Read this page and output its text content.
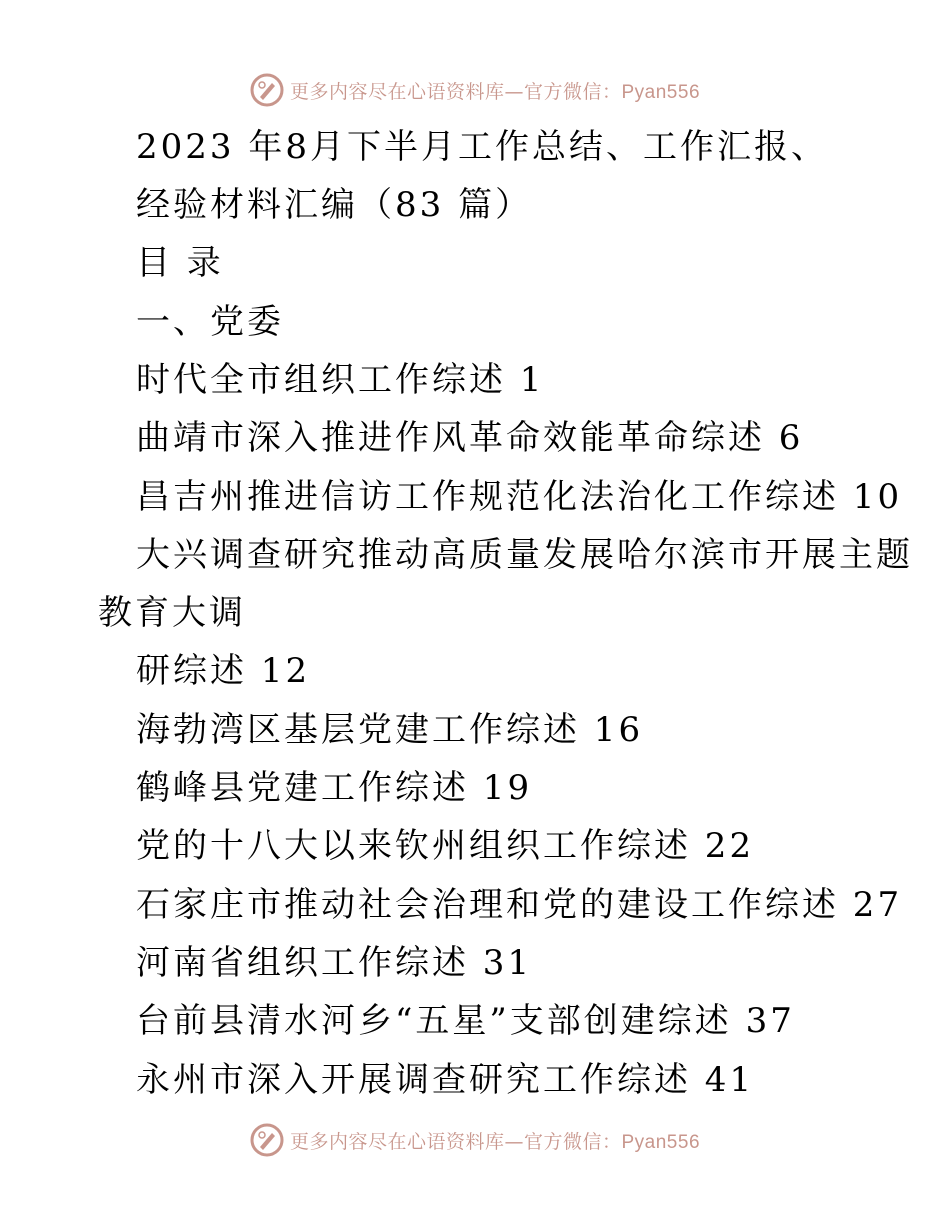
更多内容尽在心语资料库—官方微信：Pyan556
2023 年8月下半月工作总结、工作汇报、
经验材料汇编（83 篇）
目 录
一、党委
时代全市组织工作综述 1
曲靖市深入推进作风革命效能革命综述 6
昌吉州推进信访工作规范化法治化工作综述 10
大兴调查研究推动高质量发展哈尔滨市开展主题
教育大调
研综述 12
海勃湾区基层党建工作综述 16
鹤峰县党建工作综述 19
党的十八大以来钦州组织工作综述 22
石家庄市推动社会治理和党的建设工作综述 27
河南省组织工作综述 31
台前县清水河乡“五星”支部创建综述 37
永州市深入开展调查研究工作综述 41
更多内容尽在心语资料库—官方微信：Pyan556
